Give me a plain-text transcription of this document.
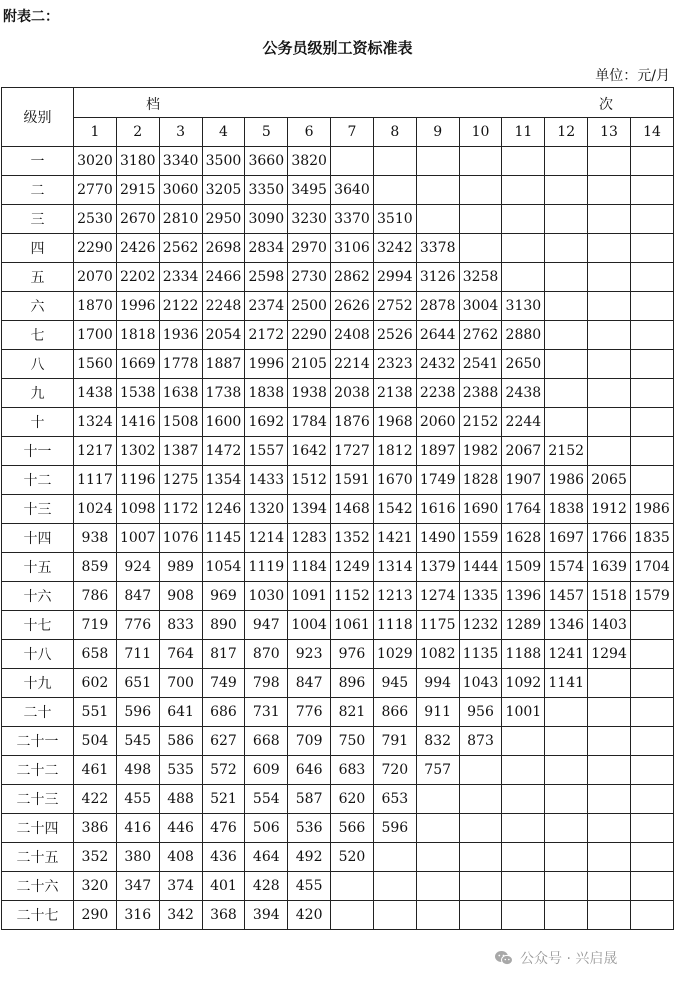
附表二：
公务员级别工资标准表
单位：元/月
级别	档 次													

	1	2	3	4	5	6	7	8	9	10	11	12	13	14
一	3020	3180	3340	3500	3660	3820								
二	2770	2915	3060	3205	3350	3495	3640							
三	2530	2670	2810	2950	3090	3230	3370	3510						
四	2290	2426	2562	2698	2834	2970	3106	3242	3378					
五	2070	2202	2334	2466	2598	2730	2862	2994	3126	3258				
六	1870	1996	2122	2248	2374	2500	2626	2752	2878	3004	3130			
七	1700	1818	1936	2054	2172	2290	2408	2526	2644	2762	2880			
八	1560	1669	1778	1887	1996	2105	2214	2323	2432	2541	2650			
九	1438	1538	1638	1738	1838	1938	2038	2138	2238	2388	2438			
十	1324	1416	1508	1600	1692	1784	1876	1968	2060	2152	2244			
十一	1217	1302	1387	1472	1557	1642	1727	1812	1897	1982	2067	2152		
十二	1117	1196	1275	1354	1433	1512	1591	1670	1749	1828	1907	1986	2065	
十三	1024	1098	1172	1246	1320	1394	1468	1542	1616	1690	1764	1838	1912	1986
十四	938	1007	1076	1145	1214	1283	1352	1421	1490	1559	1628	1697	1766	1835
十五	859	924	989	1054	1119	1184	1249	1314	1379	1444	1509	1574	1639	1704
十六	786	847	908	969	1030	1091	1152	1213	1274	1335	1396	1457	1518	1579
十七	719	776	833	890	947	1004	1061	1118	1175	1232	1289	1346	1403	
十八	658	711	764	817	870	923	976	1029	1082	1135	1188	1241	1294	
十九	602	651	700	749	798	847	896	945	994	1043	1092	1141		
二十	551	596	641	686	731	776	821	866	911	956	1001			
二十一	504	545	586	627	668	709	750	791	832	873				
二十二	461	498	535	572	609	646	683	720	757					
二十三	422	455	488	521	554	587	620	653						
二十四	386	416	446	476	506	536	566	596						
二十五	352	380	408	436	464	492	520							
二十六	320	347	374	401	428	455								
二十七	290	316	342	368	394	420								
公众号 · 兴启晟
